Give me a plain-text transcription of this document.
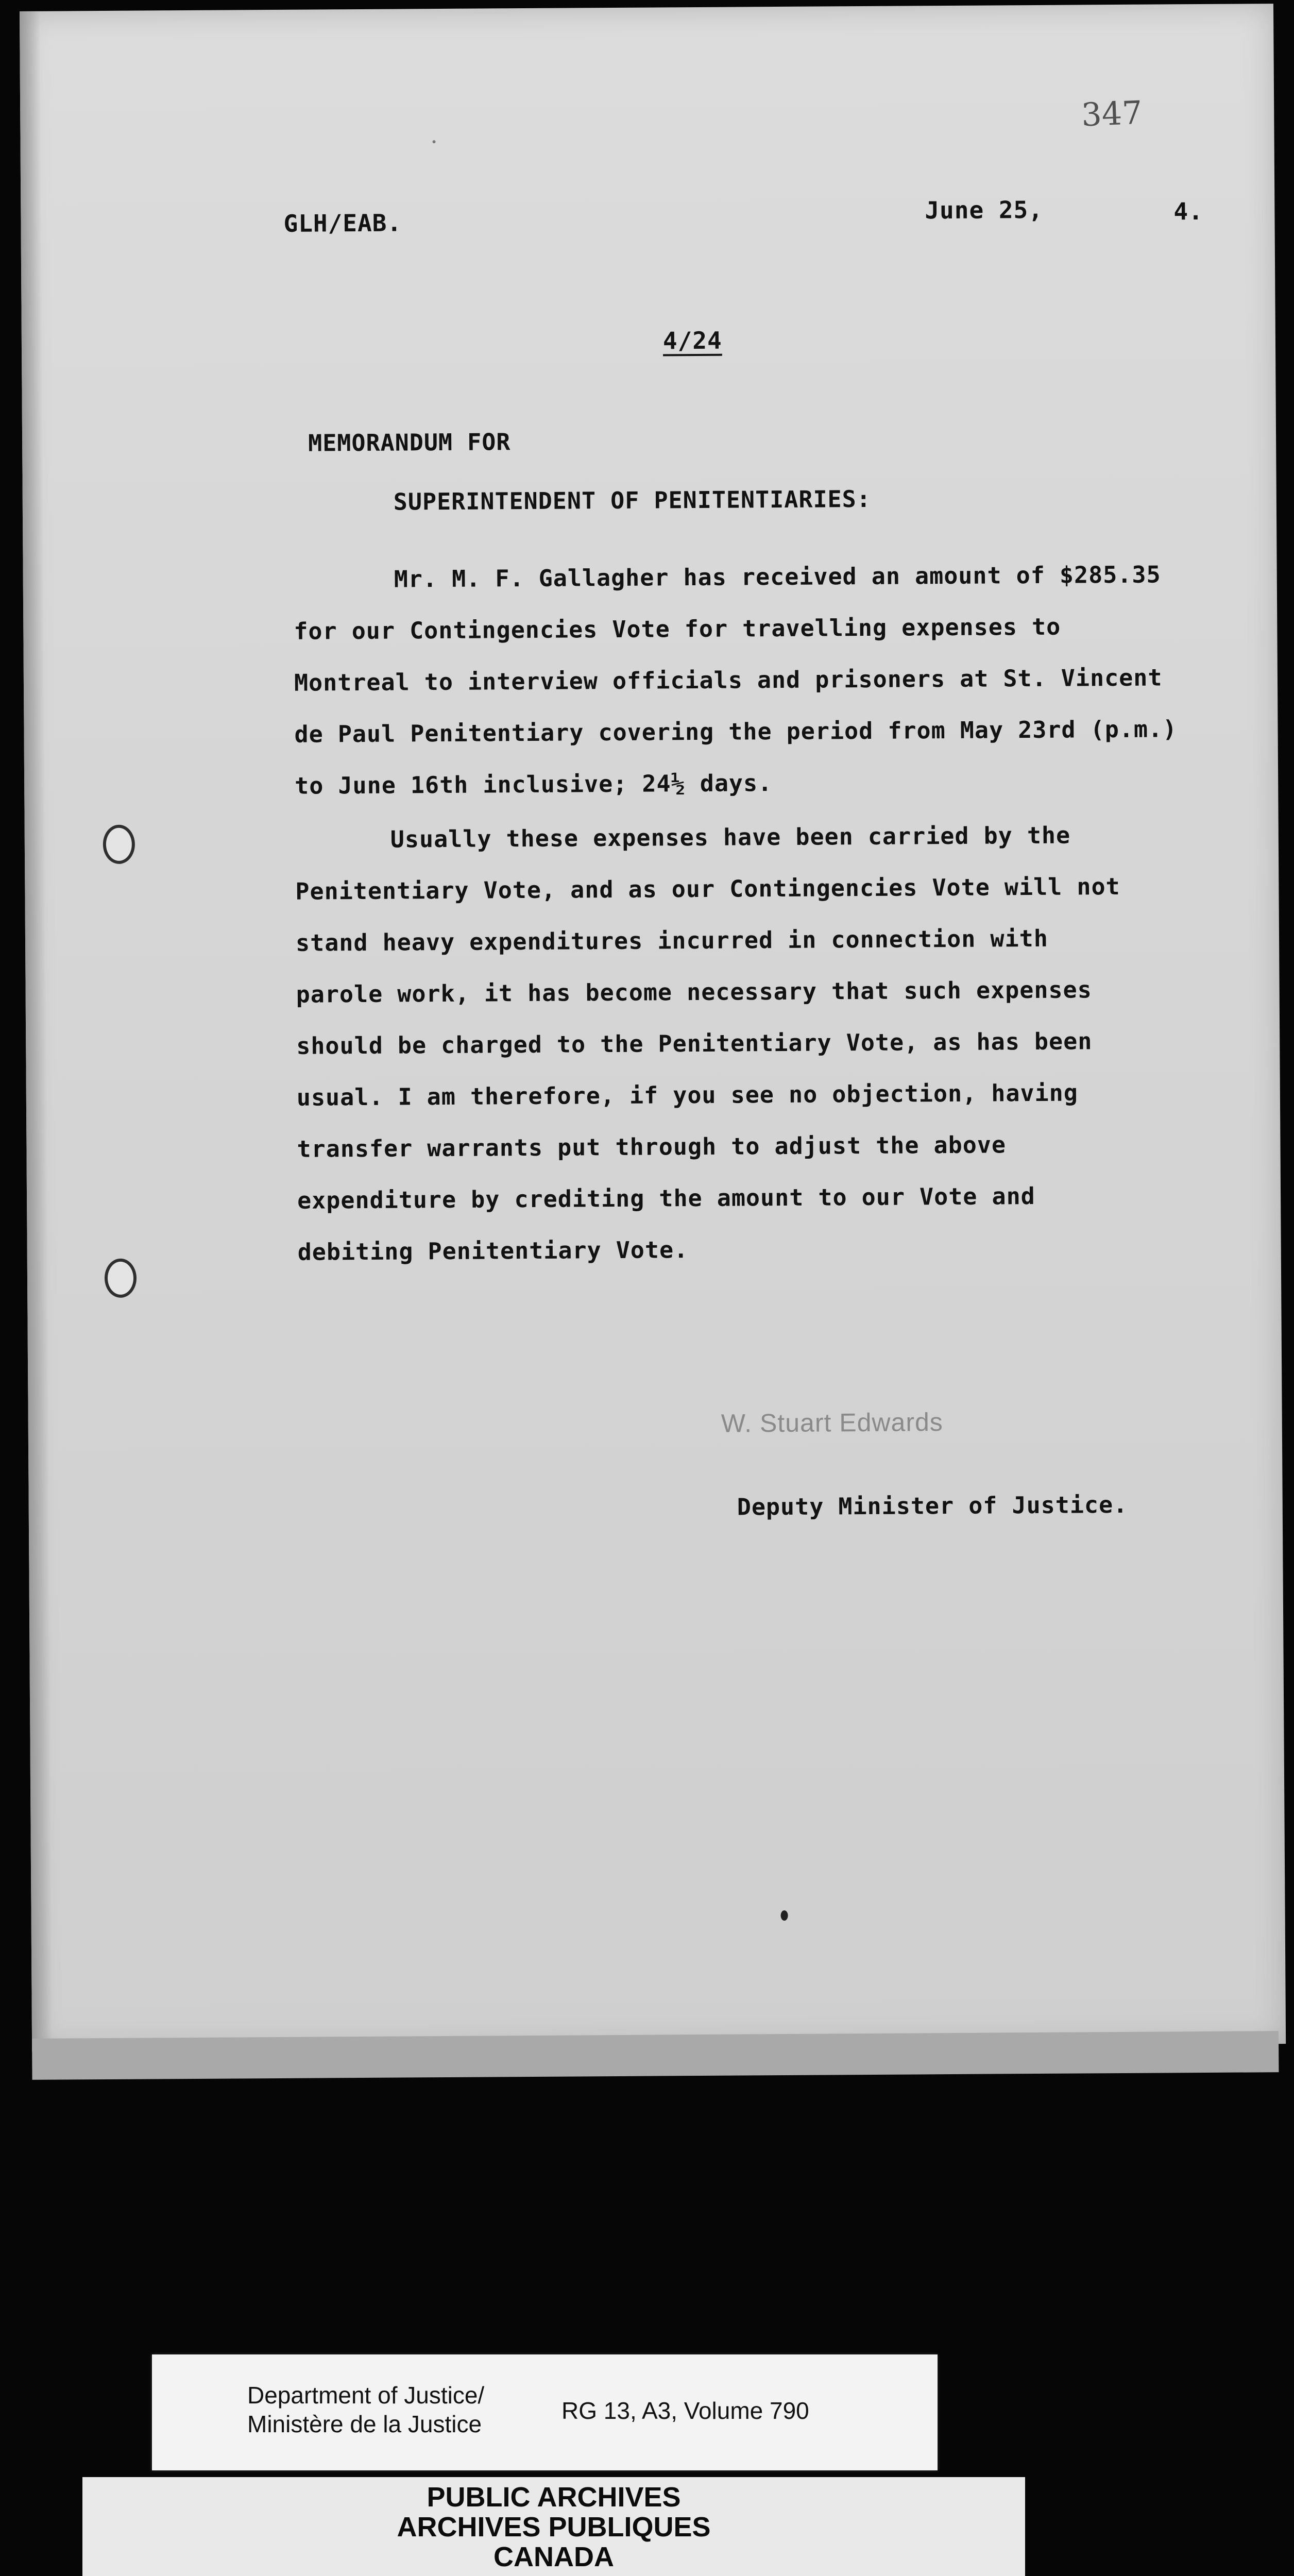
347
GLH/EAB.	June 25,	4.
4/24
MEMORANDUM FOR
SUPERINTENDENT OF PENITENTIARIES:
Mr. M. F. Gallagher has received an amount of $285.35
for our Contingencies Vote for travelling expenses to
Montreal to interview officials and prisoners at St. Vincent
de Paul Penitentiary covering the period from May 23rd (p.m.)
to June 16th inclusive; 24½ days.
Usually these expenses have been carried by the
Penitentiary Vote, and as our Contingencies Vote will not
stand heavy expenditures incurred in connection with
parole work, it has become necessary that such expenses
should be charged to the Penitentiary Vote, as has been
usual. I am therefore, if you see no objection, having
transfer warrants put through to adjust the above
expenditure by crediting the amount to our Vote and
debiting Penitentiary Vote.
W. Stuart Edwards
Deputy Minister of Justice.
Department of Justice/
Ministère de la Justice	RG 13, A3, Volume 790
PUBLIC ARCHIVES
ARCHIVES PUBLIQUES
CANADA
